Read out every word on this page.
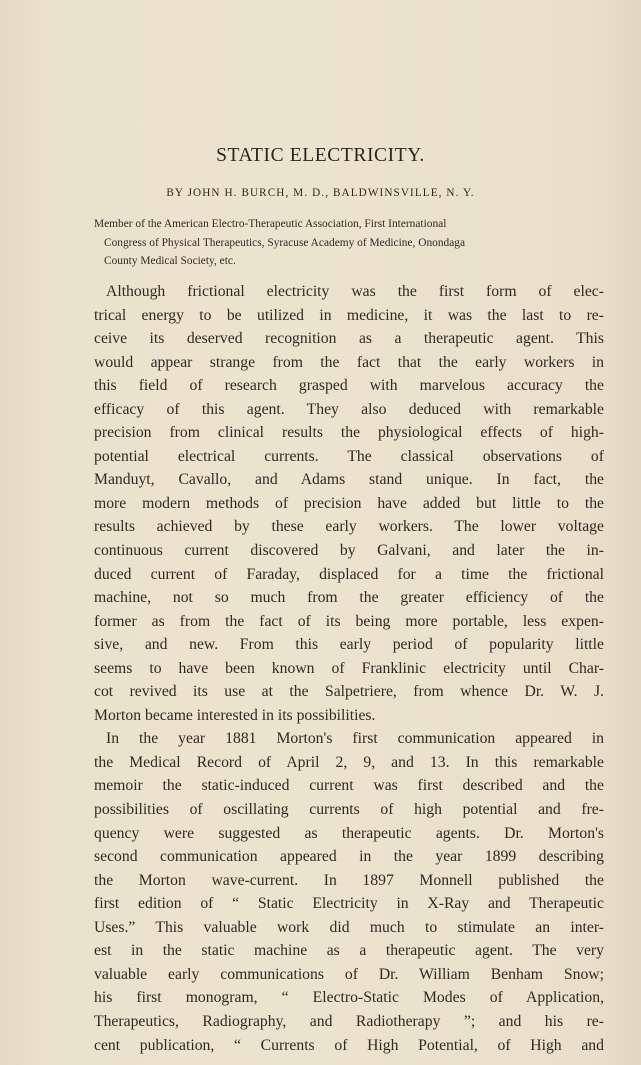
STATIC ELECTRICITY.
BY JOHN H. BURCH, M. D., BALDWINSVILLE, N. Y.
Member of the American Electro-Therapeutic Association, First International
Congress of Physical Therapeutics, Syracuse Academy of Medicine, Onondaga
County Medical Society, etc.
Although frictional electricity was the first form of elec-
trical energy to be utilized in medicine, it was the last to re-
ceive its deserved recognition as a therapeutic agent. This
would appear strange from the fact that the early workers in
this field of research grasped with marvelous accuracy the
efficacy of this agent. They also deduced with remarkable
precision from clinical results the physiological effects of high-
potential electrical currents. The classical observations of
Manduyt, Cavallo, and Adams stand unique. In fact, the
more modern methods of precision have added but little to the
results achieved by these early workers. The lower voltage
continuous current discovered by Galvani, and later the in-
duced current of Faraday, displaced for a time the frictional
machine, not so much from the greater efficiency of the
former as from the fact of its being more portable, less expen-
sive, and new. From this early period of popularity little
seems to have been known of Franklinic electricity until Char-
cot revived its use at the Salpetriere, from whence Dr. W. J.
Morton became interested in its possibilities.
In the year 1881 Morton's first communication appeared in
the Medical Record of April 2, 9, and 13. In this remarkable
memoir the static-induced current was first described and the
possibilities of oscillating currents of high potential and fre-
quency were suggested as therapeutic agents. Dr. Morton's
second communication appeared in the year 1899 describing
the Morton wave-current. In 1897 Monnell published the
first edition of “ Static Electricity in X-Ray and Therapeutic
Uses.” This valuable work did much to stimulate an inter-
est in the static machine as a therapeutic agent. The very
valuable early communications of Dr. William Benham Snow;
his first monogram, “ Electro-Static Modes of Application,
Therapeutics, Radiography, and Radiotherapy ”; and his re-
cent publication, “ Currents of High Potential, of High and
